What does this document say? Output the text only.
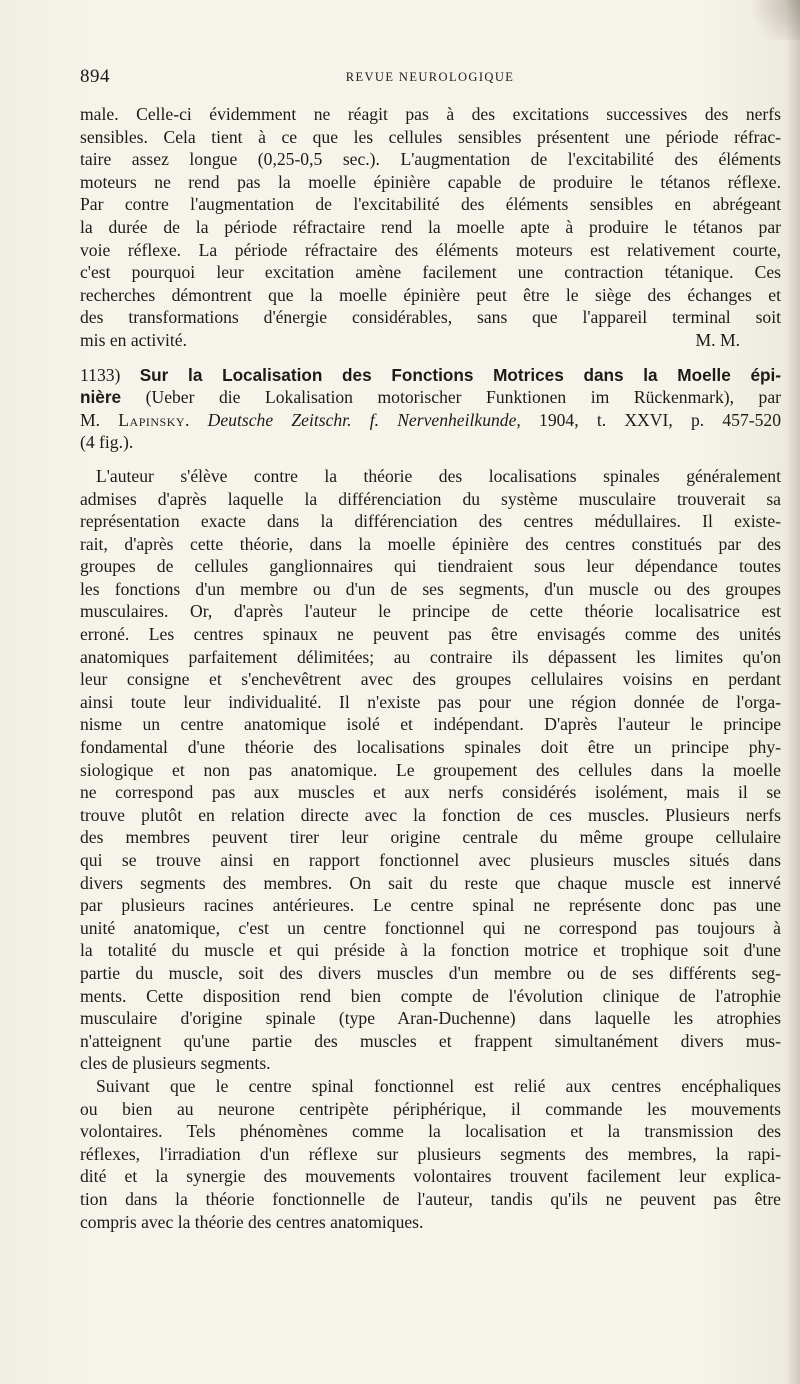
894	REVUE NEUROLOGIQUE
male. Celle-ci évidemment ne réagit pas à des excitations successives des nerfs
sensibles. Cela tient à ce que les cellules sensibles présentent une période réfrac-
taire assez longue (0,25-0,5 sec.). L'augmentation de l'excitabilité des éléments
moteurs ne rend pas la moelle épinière capable de produire le tétanos réflexe.
Par contre l'augmentation de l'excitabilité des éléments sensibles en abrégeant
la durée de la période réfractaire rend la moelle apte à produire le tétanos par
voie réflexe. La période réfractaire des éléments moteurs est relativement courte,
c'est pourquoi leur excitation amène facilement une contraction tétanique. Ces
recherches démontrent que la moelle épinière peut être le siège des échanges et
des transformations d'énergie considérables, sans que l'appareil terminal soit
mis en activité.	M. M.
1133) Sur la Localisation des Fonctions Motrices dans la Moelle épi-
nière (Ueber die Lokalisation motorischer Funktionen im Rückenmark), par
M. Lapinsky. Deutsche Zeitschr. f. Nervenheilkunde, 1904, t. XXVI, p. 457-520
(4 fig.).
L'auteur s'élève contre la théorie des localisations spinales généralement
admises d'après laquelle la différenciation du système musculaire trouverait sa
représentation exacte dans la différenciation des centres médullaires. Il existe-
rait, d'après cette théorie, dans la moelle épinière des centres constitués par des
groupes de cellules ganglionnaires qui tiendraient sous leur dépendance toutes
les fonctions d'un membre ou d'un de ses segments, d'un muscle ou des groupes
musculaires. Or, d'après l'auteur le principe de cette théorie localisatrice est
erroné. Les centres spinaux ne peuvent pas être envisagés comme des unités
anatomiques parfaitement délimitées; au contraire ils dépassent les limites qu'on
leur consigne et s'enchevêtrent avec des groupes cellulaires voisins en perdant
ainsi toute leur individualité. Il n'existe pas pour une région donnée de l'orga-
nisme un centre anatomique isolé et indépendant. D'après l'auteur le principe
fondamental d'une théorie des localisations spinales doit être un principe phy-
siologique et non pas anatomique. Le groupement des cellules dans la moelle
ne correspond pas aux muscles et aux nerfs considérés isolément, mais il se
trouve plutôt en relation directe avec la fonction de ces muscles. Plusieurs nerfs
des membres peuvent tirer leur origine centrale du même groupe cellulaire
qui se trouve ainsi en rapport fonctionnel avec plusieurs muscles situés dans
divers segments des membres. On sait du reste que chaque muscle est innervé
par plusieurs racines antérieures. Le centre spinal ne représente donc pas une
unité anatomique, c'est un centre fonctionnel qui ne correspond pas toujours à
la totalité du muscle et qui préside à la fonction motrice et trophique soit d'une
partie du muscle, soit des divers muscles d'un membre ou de ses différents seg-
ments. Cette disposition rend bien compte de l'évolution clinique de l'atrophie
musculaire d'origine spinale (type Aran-Duchenne) dans laquelle les atrophies
n'atteignent qu'une partie des muscles et frappent simultanément divers mus-
cles de plusieurs segments.
Suivant que le centre spinal fonctionnel est relié aux centres encéphaliques
ou bien au neurone centripète périphérique, il commande les mouvements
volontaires. Tels phénomènes comme la localisation et la transmission des
réflexes, l'irradiation d'un réflexe sur plusieurs segments des membres, la rapi-
dité et la synergie des mouvements volontaires trouvent facilement leur explica-
tion dans la théorie fonctionnelle de l'auteur, tandis qu'ils ne peuvent pas être
compris avec la théorie des centres anatomiques.
